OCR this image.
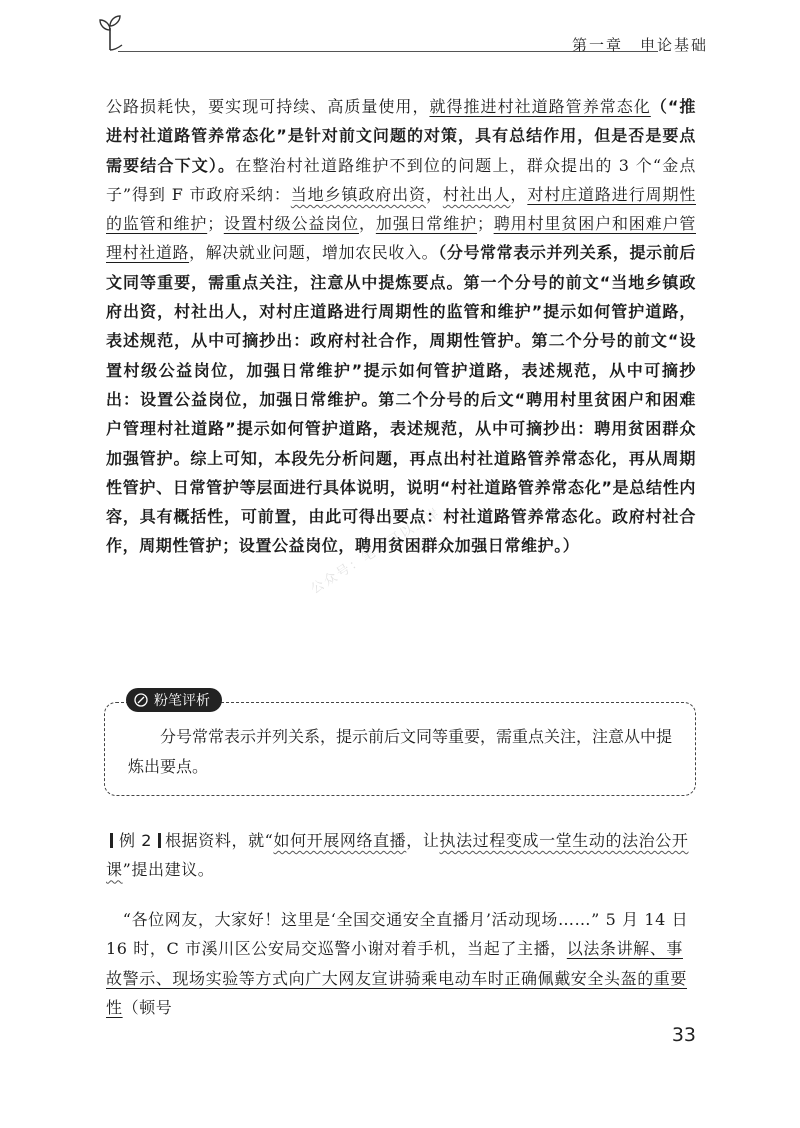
第一章　申论基础
公路损耗快，要实现可持续、高质量使用，就得推进村社道路管养常态化（“推进村社道路管养常态化”是针对前文问题的对策，具有总结作用，但是否是要点需要结合下文）。在整治村社道路维护不到位的问题上，群众提出的 3 个“金点子”得到 F 市政府采纳：当地乡镇政府出资，村社出人，对村庄道路进行周期性的监管和维护；设置村级公益岗位，加强日常维护；聘用村里贫困户和困难户管理村社道路，解决就业问题，增加农民收入。（分号常常表示并列关系，提示前后文同等重要，需重点关注，注意从中提炼要点。第一个分号的前文“当地乡镇政府出资，村社出人，对村庄道路进行周期性的监管和维护”提示如何管护道路，表述规范，从中可摘抄出：政府村社合作，周期性管护。第二个分号的前文“设置村级公益岗位，加强日常维护”提示如何管护道路，表述规范，从中可摘抄出：设置公益岗位，加强日常维护。第二个分号的后文“聘用村里贫困户和困难户管理村社道路”提示如何管护道路，表述规范，从中可摘抄出：聘用贫困群众加强管护。综上可知，本段先分析问题，再点出村社道路管养常态化，再从周期性管护、日常管护等层面进行具体说明，说明“村社道路管养常态化”是总结性内容，具有概括性，可前置，由此可得出要点：村社道路管养常态化。政府村社合作，周期性管护；设置公益岗位，聘用贫困群众加强日常维护。）
公众号：笔学可以上岸
粉笔评析
分号常常表示并列关系，提示前后文同等重要，需重点关注，注意从中提炼出要点。
例 2 根据资料，就“如何开展网络直播，让执法过程变成一堂生动的法治公开课”提出建议。
“各位网友，大家好！这里是‘全国交通安全直播月’活动现场……” 5 月 14 日 16 时，C 市溪川区公安局交巡警小谢对着手机，当起了主播，以法条讲解、事故警示、现场实验等方式向广大网友宣讲骑乘电动车时正确佩戴安全头盔的重要性（顿号
33
